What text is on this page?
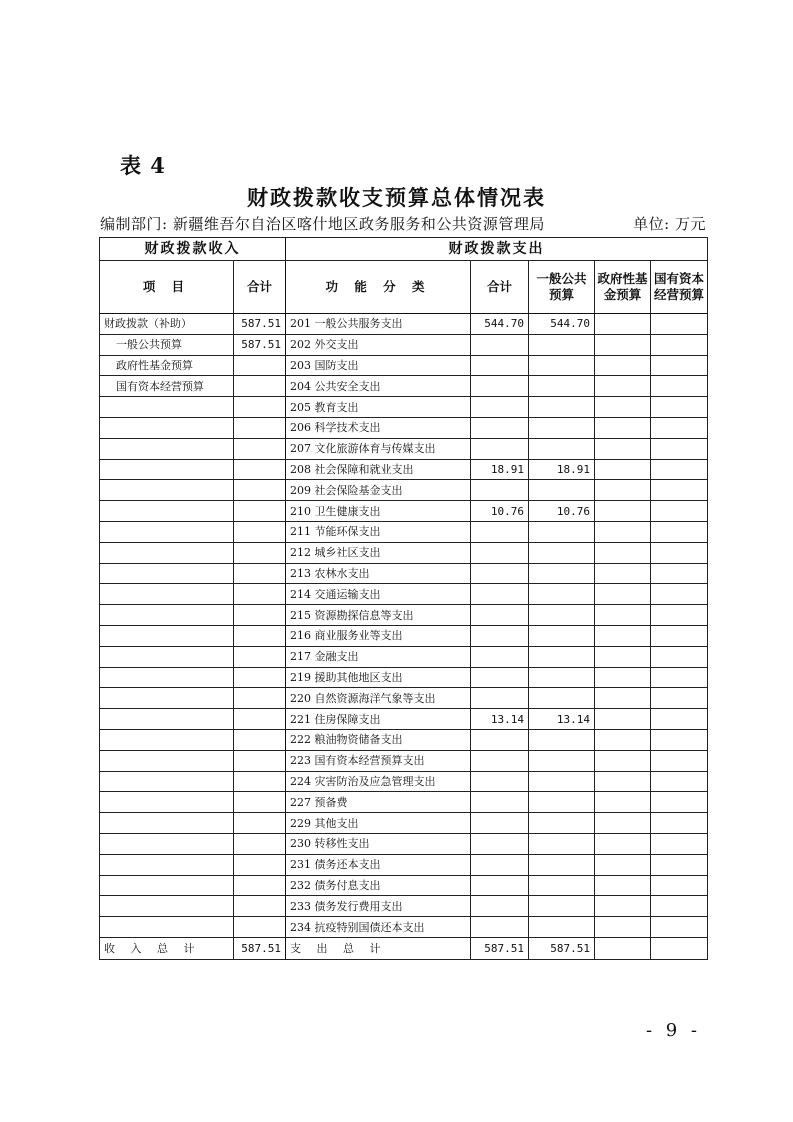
表 4
财政拨款收支预算总体情况表
编制部门: 新疆维吾尔自治区喀什地区政务服务和公共资源管理局	单位: 万元
财政拨款收入		财政拨款支出				
项 目	合计	功 能 分 类	合计	一般公共预算	政府性基金预算	国有资本经营预算
财政拨款（补助）	587.51	201 一般公共服务支出	544.70	544.70		
一般公共预算	587.51	202 外交支出				
政府性基金预算		203 国防支出				
国有资本经营预算		204 公共安全支出				
		205 教育支出				
		206 科学技术支出				
		207 文化旅游体育与传媒支出				
		208 社会保障和就业支出	18.91	18.91		
		209 社会保险基金支出				
		210 卫生健康支出	10.76	10.76		
		211 节能环保支出				
		212 城乡社区支出				
		213 农林水支出				
		214 交通运输支出				
		215 资源勘探信息等支出				
		216 商业服务业等支出				
		217 金融支出				
		219 援助其他地区支出				
		220 自然资源海洋气象等支出				
		221 住房保障支出	13.14	13.14		
		222 粮油物资储备支出				
		223 国有资本经营预算支出				
		224 灾害防治及应急管理支出				
		227 预备费				
		229 其他支出				
		230 转移性支出				
		231 债务还本支出				
		232 债务付息支出				
		233 债务发行费用支出				
		234 抗疫特别国债还本支出				
收 入 总 计	587.51	支 出 总 计	587.51	587.51		
- 9 -
